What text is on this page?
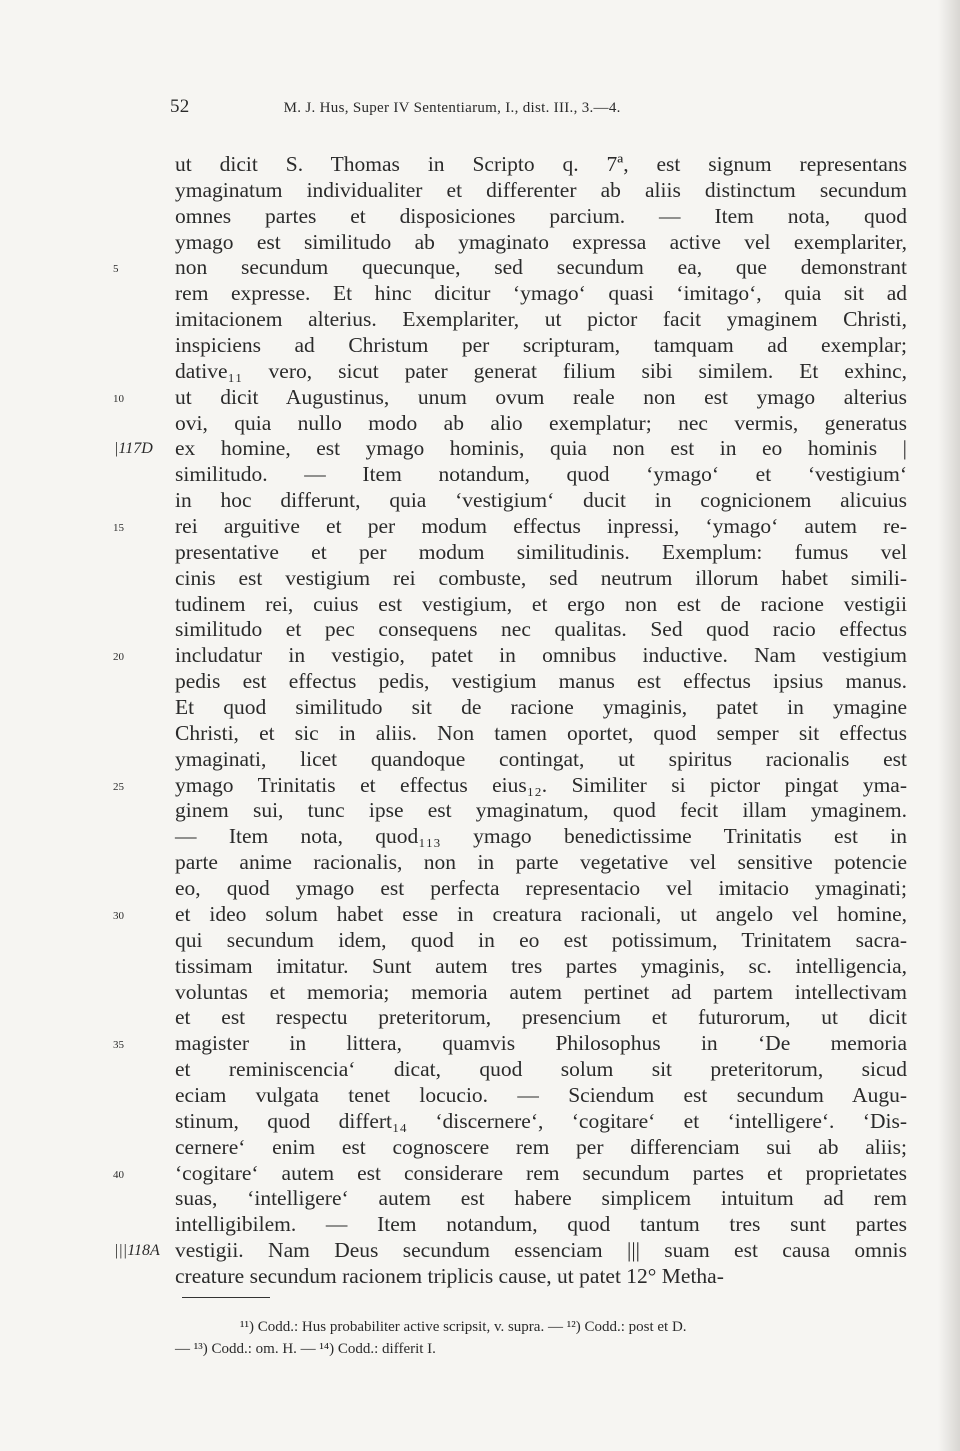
52	M. J. Hus, Super IV Sententiarum, I., dist. III., 3.—4.
ut dicit S. Thomas in Scripto q. 7ª, est signum representans
ymaginatum individualiter et differenter ab aliis distinctum secundum
omnes partes et disposiciones parcium. — Item nota, quod
ymago est similitudo ab ymaginato expressa active vel exemplariter,
5	non secundum quecunque, sed secundum ea, que demonstrant
rem expresse. Et hinc dicitur ‘ymago‘ quasi ‘imitago‘, quia sit ad
imitacionem alterius. Exemplariter, ut pictor facit ymaginem Christi,
inspiciens ad Christum per scripturam, tamquam ad exemplar;
dative₁₁ vero, sicut pater generat filium sibi similem. Et exhinc,
10	ut dicit Augustinus, unum ovum reale non est ymago alterius
ovi, quia nullo modo ab alio exemplatur; nec vermis, generatus
|117D ex homine, est ymago hominis, quia non est in eo hominis |
similitudo. — Item notandum, quod ‘ymago‘ et ‘vestigium‘
in hoc differunt, quia ‘vestigium‘ ducit in cognicionem alicuius
15	rei arguitive et per modum effectus inpressi, ‘ymago‘ autem re-
presentative et per modum similitudinis. Exemplum: fumus vel
cinis est vestigium rei combuste, sed neutrum illorum habet simili-
tudinem rei, cuius est vestigium, et ergo non est de racione vestigii
similitudo et pec consequens nec qualitas. Sed quod racio effectus
20	includatur in vestigio, patet in omnibus inductive. Nam vestigium
pedis est effectus pedis, vestigium manus est effectus ipsius manus.
Et quod similitudo sit de racione ymaginis, patet in ymagine
Christi, et sic in aliis. Non tamen oportet, quod semper sit effectus
ymaginati, licet quandoque contingat, ut spiritus racionalis est
25	ymago Trinitatis et effectus eius₁₂. Similiter si pictor pingat yma-
ginem sui, tunc ipse est ymaginatum, quod fecit illam ymaginem.
— Item nota, quod₁₁₃ ymago benedictissime Trinitatis est in
parte anime racionalis, non in parte vegetative vel sensitive potencie
eo, quod ymago est perfecta representacio vel imitacio ymaginati;
30	et ideo solum habet esse in creatura racionali, ut angelo vel homine,
qui secundum idem, quod in eo est potissimum, Trinitatem sacra-
tissimam imitatur. Sunt autem tres partes ymaginis, sc. intelligencia,
voluntas et memoria; memoria autem pertinet ad partem intellectivam
et est respectu preteritorum, presencium et futurorum, ut dicit
35	magister in littera, quamvis Philosophus in ‘De memoria
et reminiscencia‘ dicat, quod solum sit preteritorum, sicud
eciam vulgata tenet locucio. — Sciendum est secundum Augu-
stinum, quod differt₁₄ ‘discernere‘, ‘cogitare‘ et ‘intelligere‘. ‘Dis-
cernere‘ enim est cognoscere rem per differenciam sui ab aliis;
40	‘cogitare‘ autem est considerare rem secundum partes et proprietates
suas, ‘intelligere‘ autem est habere simplicem intuitum ad rem
intelligibilem. — Item notandum, quod tantum tres sunt partes
|||118A vestigii. Nam Deus secundum essenciam ||| suam est causa omnis
creature secundum racionem triplicis cause, ut patet 12° Metha-
¹¹) Codd.: Hus probabiliter active scripsit, v. supra. — ¹²) Codd.: post et D.
— ¹³) Codd.: om. H. — ¹⁴) Codd.: differit I.
